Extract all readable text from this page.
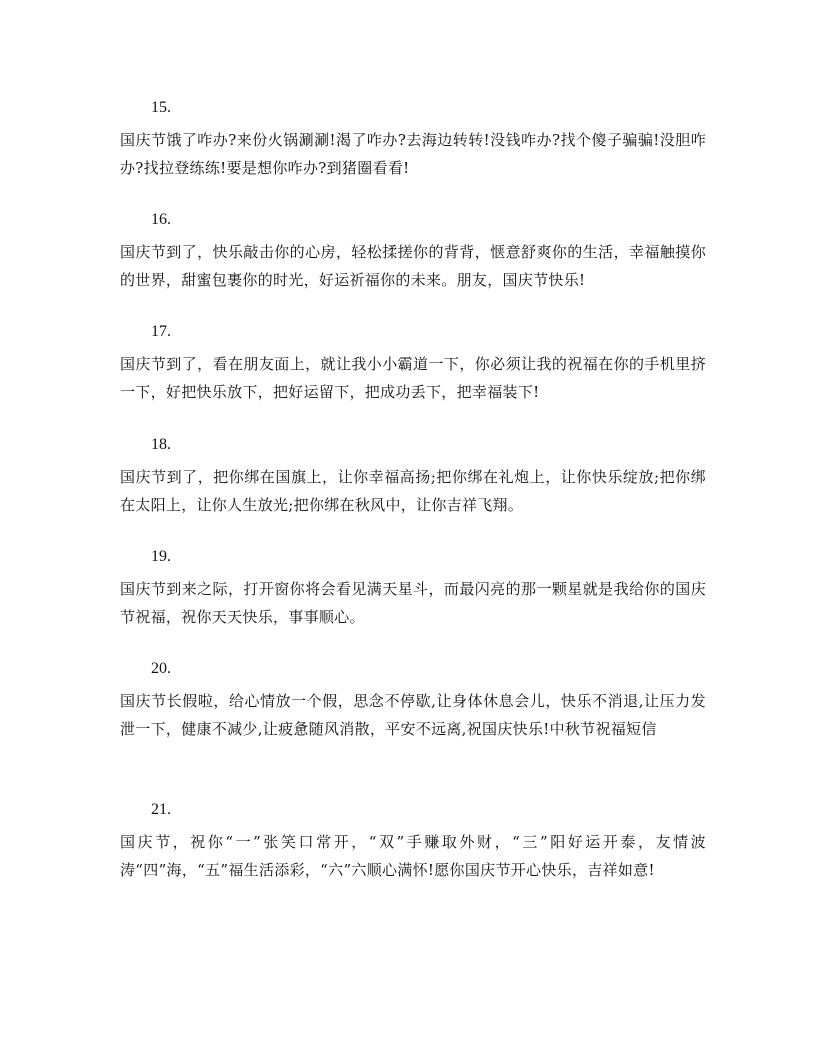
15.
国庆节饿了咋办?来份火锅涮涮!渴了咋办?去海边转转!没钱咋办?找个傻子骗骗!没胆咋办?找拉登练练!要是想你咋办?到猪圈看看!
16.
国庆节到了，快乐敲击你的心房，轻松揉搓你的背背，惬意舒爽你的生活，幸福触摸你的世界，甜蜜包裹你的时光，好运祈福你的未来。朋友，国庆节快乐!
17.
国庆节到了，看在朋友面上，就让我小小霸道一下，你必须让我的祝福在你的手机里挤一下，好把快乐放下，把好运留下，把成功丢下，把幸福装下!
18.
国庆节到了，把你绑在国旗上，让你幸福高扬;把你绑在礼炮上，让你快乐绽放;把你绑在太阳上，让你人生放光;把你绑在秋风中，让你吉祥飞翔。
19.
国庆节到来之际，打开窗你将会看见满天星斗，而最闪亮的那一颗星就是我给你的国庆节祝福，祝你天天快乐，事事顺心。
20.
国庆节长假啦，给心情放一个假，思念不停歇,让身体休息会儿，快乐不消退,让压力发泄一下，健康不减少,让疲惫随风消散，平安不远离,祝国庆快乐!中秋节祝福短信
21.
国庆节，祝你“一”张笑口常开，“双”手赚取外财，“三”阳好运开泰，友情波涛“四”海，“五”福生活添彩，“六”六顺心满怀!愿你国庆节开心快乐，吉祥如意!
